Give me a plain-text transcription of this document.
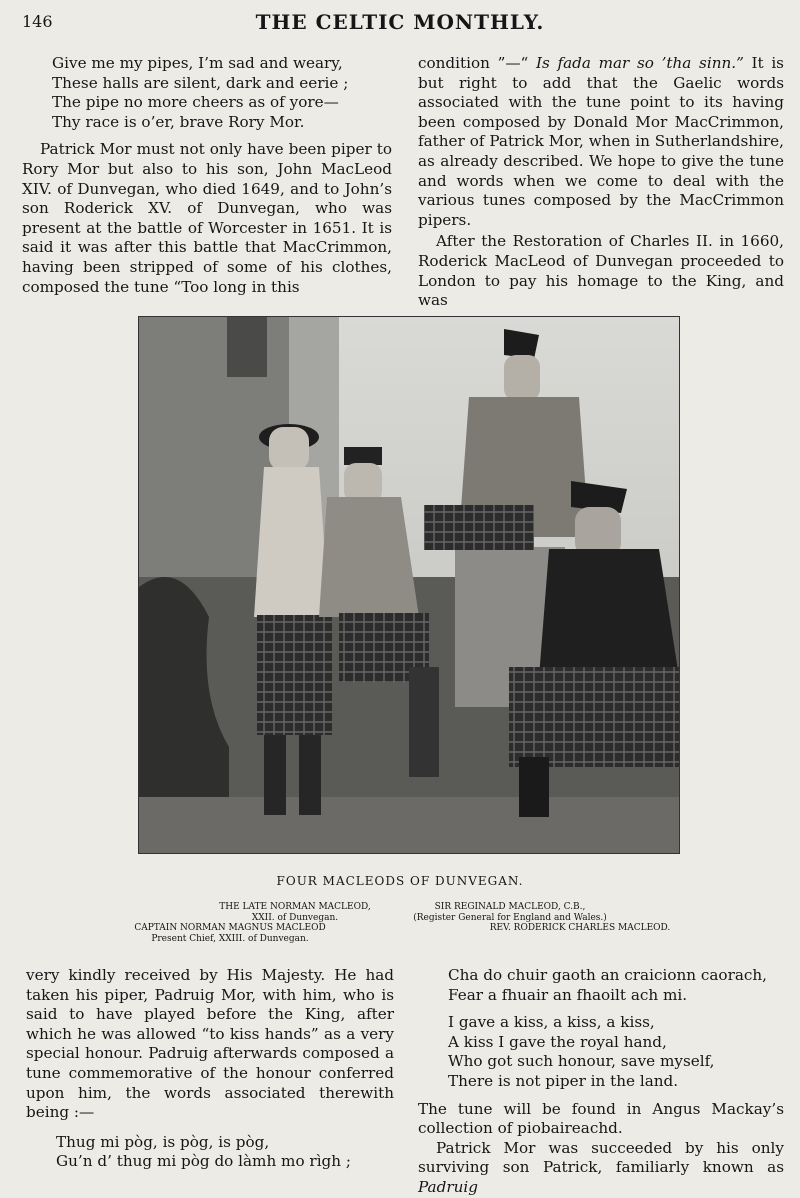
146	THE CELTIC MONTHLY.
Give me my pipes, I’m sad and weary,
These halls are silent, dark and eerie ;
The pipe no more cheers as of yore—
Thy race is o’er, brave Rory Mor.

Patrick Mor must not only have been piper to Rory Mor but also to his son, John MacLeod XIV. of Dunvegan, who died 1649, and to John’s son Roderick XV. of Dunvegan, who was present at the battle of Worcester in 1651. It is said it was after this battle that MacCrimmon, having been stripped of some of his clothes, composed the tune “Too long in this

condition ”—“ Is fada mar so ’tha sinn.” It is but right to add that the Gaelic words associated with the tune point to its having been composed by Donald Mor MacCrimmon, father of Patrick Mor, when in Sutherlandshire, as already described. We hope to give the tune and words when we come to deal with the various tunes composed by the MacCrimmon pipers.

After the Restoration of Charles II. in 1660, Roderick MacLeod of Dunvegan proceeded to London to pay his homage to the King, and was

FOUR MACLEODS OF DUNVEGAN.
THE LATE NORMAN MACLEOD,
XXII. of Dunvegan.
SIR REGINALD MACLEOD, C.B.,
(Register General for England and Wales.)
CAPTAIN NORMAN MAGNUS MACLEOD
Present Chief, XXIII. of Dunvegan.
REV. RODERICK CHARLES MACLEOD.

very kindly received by His Majesty. He had taken his piper, Padruig Mor, with him, who is said to have played before the King, after which he was allowed “to kiss hands” as a very special honour. Padruig afterwards composed a tune commemorative of the honour conferred upon him, the words associated therewith being :—

Thug mi pòg, is pòg, is pòg,
Gu’n d’ thug mi pòg do làmh mo rìgh ;
Cha do chuir gaoth an craicionn caorach,
Fear a fhuair an fhaoilt ach mi.
I gave a kiss, a kiss, a kiss,
A kiss I gave the royal hand,
Who got such honour, save myself,
There is not piper in the land.

The tune will be found in Angus Mackay’s collection of piobaireachd.

Patrick Mor was succeeded by his only surviving son Patrick, familiarly known as Padruig
